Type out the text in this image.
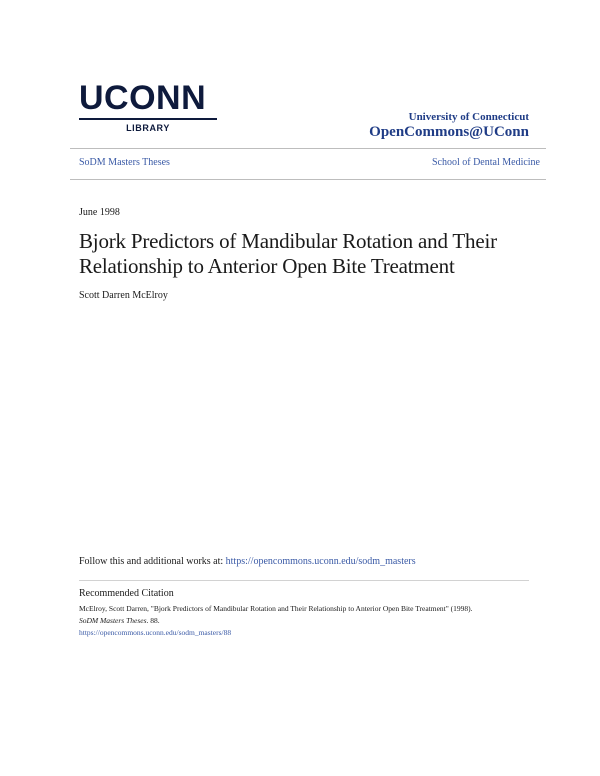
UCONN
LIBRARY
University of Connecticut
OpenCommons@UConn
SoDM Masters Theses	School of Dental Medicine
June 1998
Bjork Predictors of Mandibular Rotation and Their Relationship to Anterior Open Bite Treatment
Scott Darren McElroy
Follow this and additional works at: https://opencommons.uconn.edu/sodm_masters
Recommended Citation
McElroy, Scott Darren, "Bjork Predictors of Mandibular Rotation and Their Relationship to Anterior Open Bite Treatment" (1998).
SoDM Masters Theses. 88.
https://opencommons.uconn.edu/sodm_masters/88
